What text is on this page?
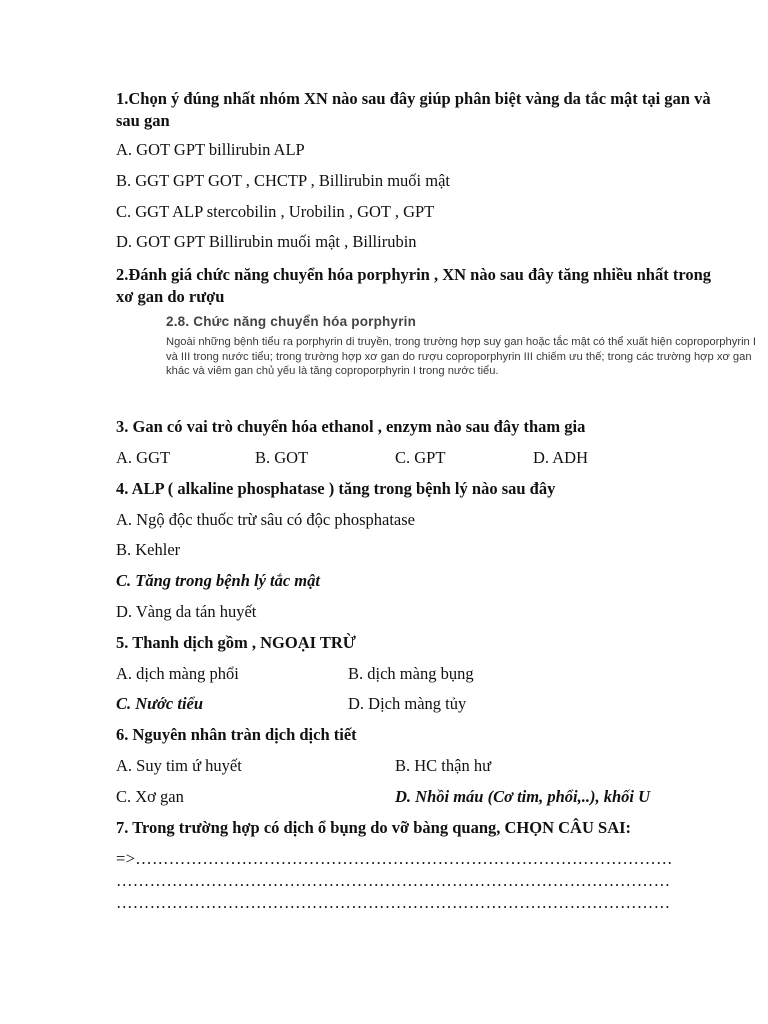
1.Chọn ý đúng nhất nhóm XN nào sau đây giúp phân biệt vàng da tắc mật tại gan và sau gan
A. GOT GPT billirubin ALP
B. GGT GPT GOT , CHCTP , Billirubin muối mật
C. GGT ALP stercobilin , Urobilin , GOT , GPT
D. GOT GPT Billirubin muối mật , Billirubin
2.Đánh giá chức năng chuyển hóa porphyrin , XN nào sau đây tăng nhiều nhất trong xơ gan do rượu
2.8. Chức năng chuyển hóa porphyrin
Ngoài những bệnh tiểu ra porphyrin di truyền, trong trường hợp suy gan hoặc tắc mật có thể xuất hiện coproporphyrin I và III trong nước tiểu; trong trường hợp xơ gan do rượu coproporphyrin III chiếm ưu thế; trong các trường hợp xơ gan khác và viêm gan chủ yếu là tăng coproporphyrin I trong nước tiểu.
3. Gan có vai trò chuyển hóa ethanol , enzym nào sau đây tham gia
A. GGT	B. GOT	C. GPT	D. ADH
4. ALP ( alkaline phosphatase ) tăng trong bệnh lý nào sau đây
A. Ngộ độc thuốc trừ sâu có độc phosphatase
B. Kehler
C. Tăng trong bệnh lý tắc mật
D. Vàng da tán huyết
5. Thanh dịch gồm , NGOẠI TRỪ
A. dịch màng phổi	B. dịch màng bụng
C. Nước tiểu	D. Dịch màng tủy
6. Nguyên nhân tràn dịch dịch tiết
A. Suy tim ứ huyết	B. HC thận hư
C. Xơ gan	D. Nhồi máu (Cơ tim, phổi,..), khối U
7. Trong trường hợp có dịch ổ bụng do vỡ bàng quang, CHỌN CÂU SAI:
=>……………………………………………………………………………………
………………………………………………………………………………………
………………………………………………………………………………………
